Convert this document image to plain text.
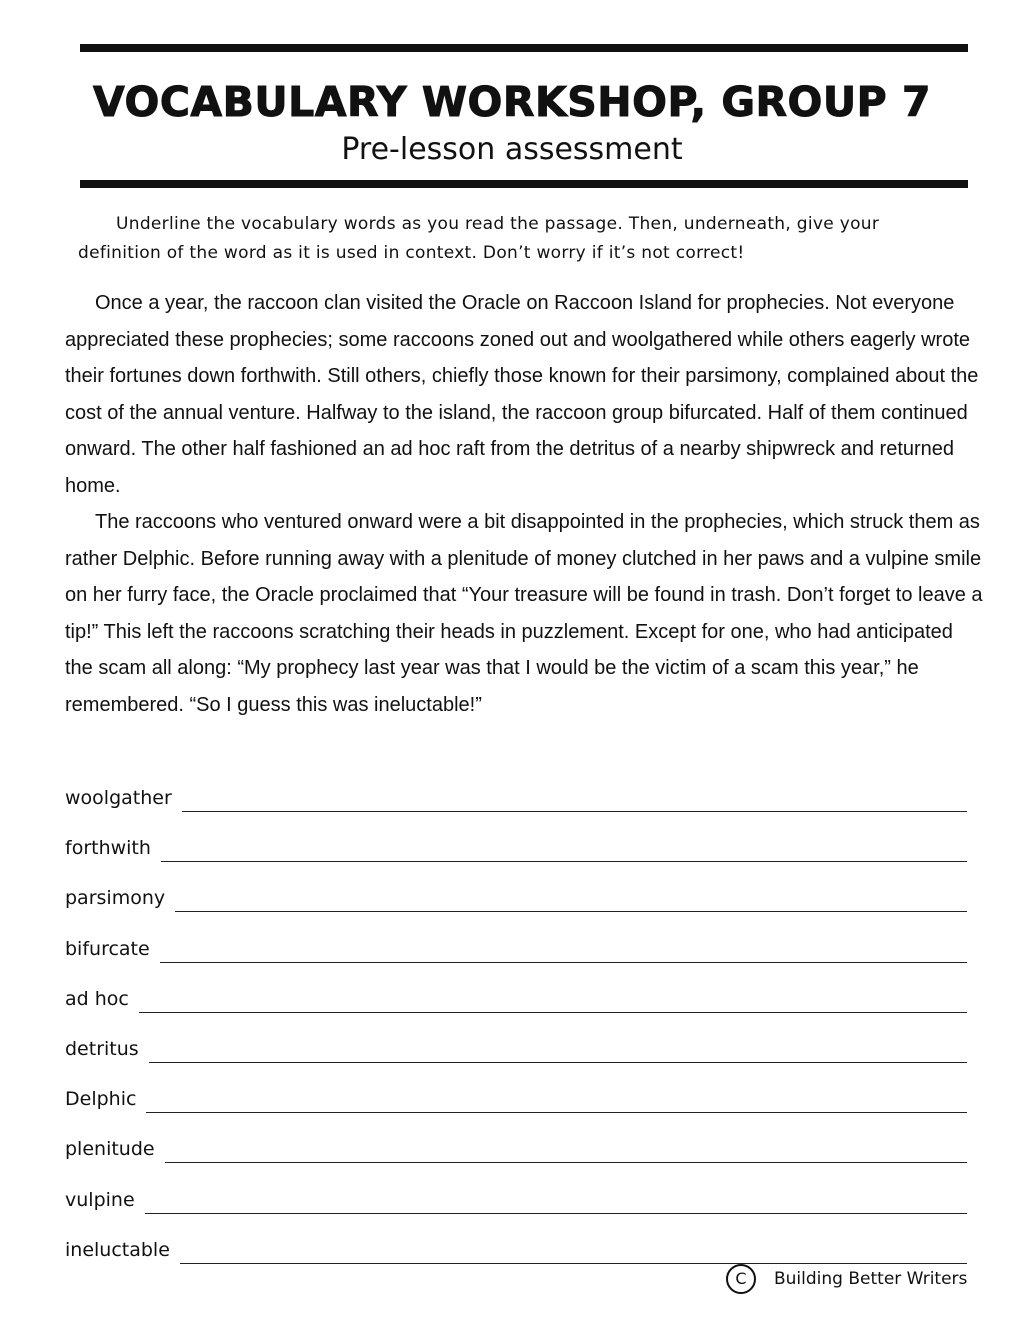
VOCABULARY WORKSHOP, GROUP 7
Pre-lesson assessment

Underline the vocabulary words as you read the passage. Then, underneath, give your definition of the word as it is used in context. Don’t worry if it’s not correct!

Once a year, the raccoon clan visited the Oracle on Raccoon Island for prophecies. Not everyone appreciated these prophecies; some raccoons zoned out and woolgathered while others eagerly wrote their fortunes down forthwith. Still others, chiefly those known for their parsimony, complained about the cost of the annual venture. Halfway to the island, the raccoon group bifurcated. Half of them continued onward. The other half fashioned an ad hoc raft from the detritus of a nearby shipwreck and returned home.

The raccoons who ventured onward were a bit disappointed in the prophecies, which struck them as rather Delphic. Before running away with a plenitude of money clutched in her paws and a vulpine smile on her furry face, the Oracle proclaimed that “Your treasure will be found in trash. Don’t forget to leave a tip!” This left the raccoons scratching their heads in puzzlement. Except for one, who had anticipated the scam all along: “My prophecy last year was that I would be the victim of a scam this year,” he remembered. “So I guess this was ineluctable!”

woolgather
forthwith
parsimony
bifurcate
ad hoc
detritus
Delphic
plenitude
vulpine
ineluctable
C	Building Better Writers
